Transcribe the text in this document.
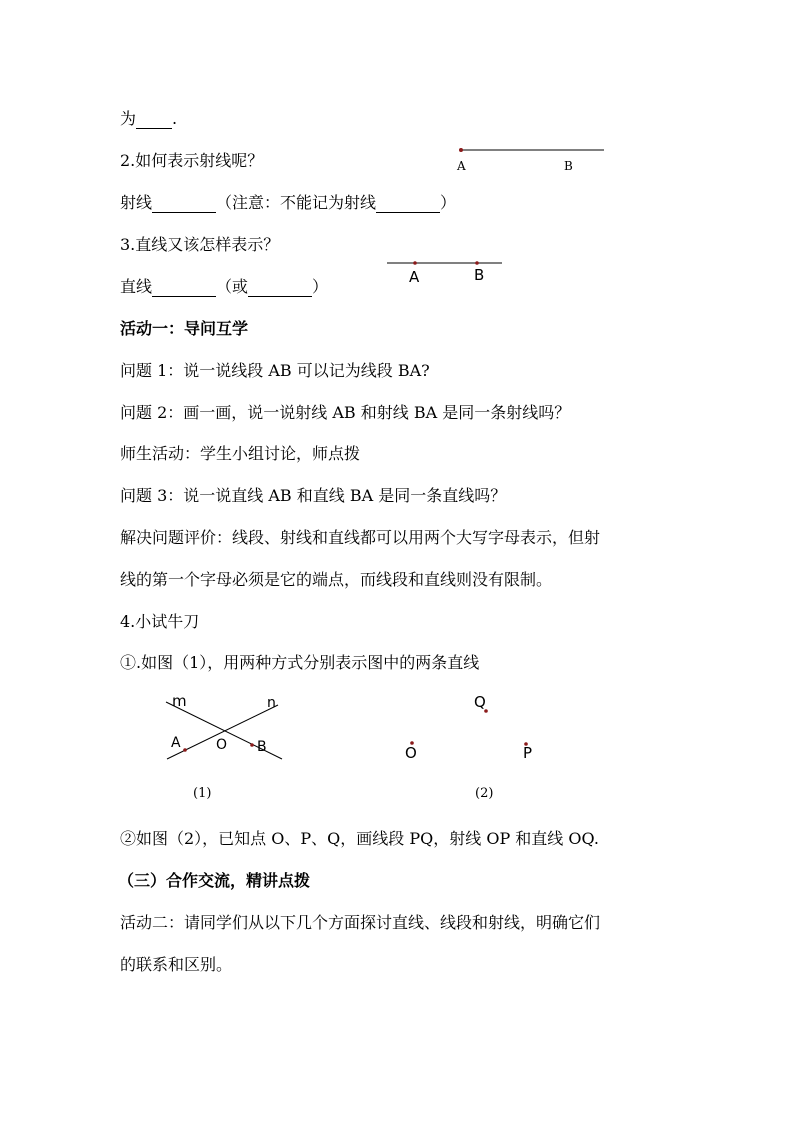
为 .
2.如何表示射线呢？	A	B
射线	（注意：不能记为射线	）
3.直线又该怎样表示？
直线	（或	）	A	B
活动一：导问互学
问题 1：说一说线段 AB 可以记为线段 BA?
问题 2：画一画，说一说射线 AB 和射线 BA 是同一条射线吗？
师生活动：学生小组讨论，师点拨
问题 3：说一说直线 AB 和直线 BA 是同一条直线吗？
解决问题评价：线段、射线和直线都可以用两个大写字母表示，但射
线的第一个字母必须是它的端点，而线段和直线则没有限制。
4.小试牛刀
①.如图（1），用两种方式分别表示图中的两条直线
m	n
A	O B
(1)
Q
O	P
(2)
②如图（2），已知点 O、P、Q，画线段 PQ，射线 OP 和直线 OQ.
（三）合作交流，精讲点拨
活动二：请同学们从以下几个方面探讨直线、线段和射线，明确它们
的联系和区别。
